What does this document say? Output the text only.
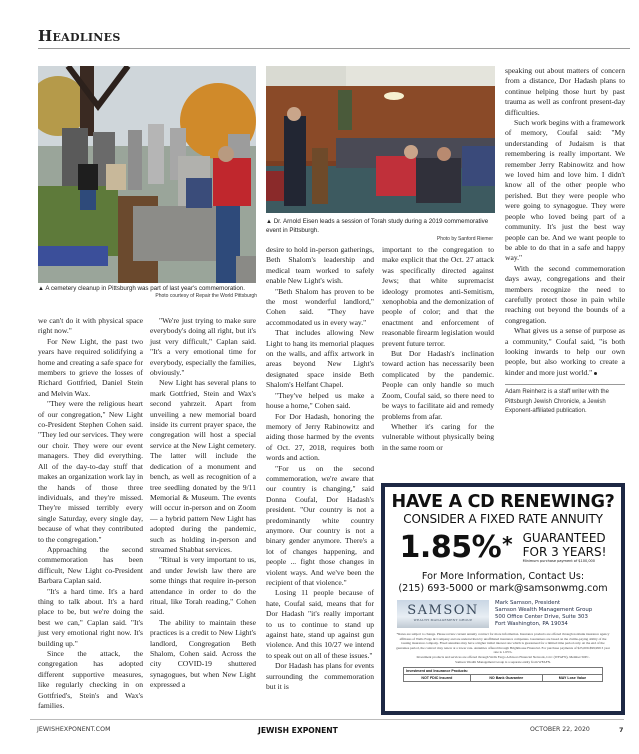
Headlines
▲ A cemetery cleanup in Pittsburgh was part of last year's commemoration.
Photo courtesy of Repair the World Pittsburgh
▲ Dr. Arnold Eisen leads a session of Torah study during a 2019 commemorative event in Pittsburgh.
Photo by Sanford Riemer

we can't do it with physical space right now."

For New Light, the past two years have required solidifying a home and creating a safe space for members to grieve the losses of Richard Gottfried, Daniel Stein and Melvin Wax.

"They were the religious heart of our congregation," New Light co-President Stephen Cohen said. "They led our services. They were our choir. They were our event managers. They did everything. All of the day-to-day stuff that makes an organization work lay in the hands of those three individuals, and they're missed. They're missed terribly every single Saturday, every single day, because of what they contributed to the congregation."

Approaching the second commemoration has been difficult, New Light co-President Barbara Caplan said.

"It's a hard time. It's a hard thing to talk about. It's a hard place to be, but we're doing the best we can," Caplan said. "It's just very emotional right now. It's building up."

Since the attack, the congregation has adopted different supportive measures, like regularly checking in on Gottfried's, Stein's and Wax's families.

"We're just trying to make sure everybody's doing all right, but it's just very difficult," Caplan said. "It's a very emotional time for everybody, especially the families, obviously."

New Light has several plans to mark Gottfried, Stein and Wax's second yahrzeit. Apart from unveiling a new memorial board inside its current prayer space, the congregation will host a special service at the New Light cemetery. The latter will include the dedication of a monument and bench, as well as recognition of a tree seedling donated by the 9/11 Memorial & Museum. The events will occur in-person and on Zoom — a hybrid pattern New Light has adopted during the pandemic, such as holding in-person and streamed Shabbat services.

"Ritual is very important to us, and under Jewish law there are some things that require in-person attendance in order to do the ritual, like Torah reading," Cohen said.

The ability to maintain these practices is a credit to New Light's landlord, Congregation Beth Shalom, Cohen said. Across the city COVID-19 shuttered synagogues, but when New Light expressed a

desire to hold in-person gatherings, Beth Shalom's leadership and medical team worked to safely enable New Light's wish.

"Beth Shalom has proven to be the most wonderful landlord," Cohen said. "They have accommodated us in every way."

That includes allowing New Light to hang its memorial plaques on the walls, and affix artwork in areas beyond New Light's designated space inside Beth Shalom's Helfant Chapel.

"They've helped us make a house a home," Cohen said.

For Dor Hadash, honoring the memory of Jerry Rabinowitz and aiding those harmed by the events of Oct. 27, 2018, requires both words and action.

"For us on the second commemoration, we're aware that our country is changing," said Donna Coufal, Dor Hadash's president. "Our country is not a predominantly white country anymore. Our country is not a binary gender anymore. There's a lot of changes happening, and people ... fight those changes in violent ways. And we've been the recipient of that violence."

Losing 11 people because of hate, Coufal said, means that for Dor Hadash "it's really important to us to continue to stand up against hate, stand up against gun violence. And this 10/27 we intend to speak out on all of these issues."

Dor Hadash has plans for events surrounding the commemoration but it is

important to the congregation to make explicit that the Oct. 27 attack was specifically directed against Jews; that white supremacist ideology promotes anti-Semitism, xenophobia and the demonization of people of color; and that the enactment and enforcement of reasonable firearm legislation would prevent future terror.

But Dor Hadash's inclination toward action has necessarily been complicated by the pandemic. People can only handle so much Zoom, Coufal said, so there need to be ways to facilitate aid and remedy problems from afar.

Whether it's caring for the vulnerable without physically being in the same room or

speaking out about matters of concern from a distance, Dor Hadash plans to continue helping those hurt by past trauma as well as confront present-day difficulties.

Such work begins with a framework of memory, Coufal said: "My understanding of Judaism is that remembering is really important. We remember Jerry Rabinowitz and how we loved him and love him. I didn't know all of the other people who perished. But they were people who were going to synagogue. They were people who loved being part of a community. It's just the best way people can be. And we want people to be able to do that in a safe and happy way."

With the second commemoration days away, congregations and their members recognize the need to carefully protect those in pain while reaching out beyond the bounds of a congregation.

What gives us a sense of purpose as a community," Coufal said, "is both looking inwards to help our own people, but also working to create a kinder and more just world."

Adam Reinherz is a staff writer with the Pittsburgh Jewish Chronicle, a Jewish Exponent-affiliated publication.
HAVE A CD RENEWING?
CONSIDER A FIXED RATE ANNUITY
1.85% * GUARANTEED
FOR 3 YEARS!
Minimum purchase payment of $100,000
For More Information, Contact Us:
(215) 693-5000 or mark@samsonwmg.com
SAMSON
WEALTH MANAGEMENT GROUP
Mark Samson, President
Samson Wealth Management Group
500 Office Center Drive, Suite 303
Fort Washington, PA 19034
*Rates are subject to change. Please review current annuity contract for more information. Insurance products are offered through nonbank insurance agency affiliates of Wells Fargo & Company and are underwritten by unaffiliated insurance companies. Guarantees are based on the claims-paying ability of the issuing insurance company. Fixed annuities may have a higher initial interest rate which is guaranteed for a limited time period only. At the end of the guarantee period, the contract may renew at a lower rate. Annuities offered through Brighthouse Financial. For purchase payments of $25,000-$99,999 3 year rate is 1.65%.
Investment products and services are offered through Wells Fargo Advisors Financial Network, LLC (WFAFN), Member SIPC.
Samson Wealth Management Group is a separate entity from WFAFN.
Investment and Insurance Products:
NOT FDIC Insured	NO Bank Guarantee	MAY Lose Value
JEWISHEXPONENT.COM	JEWISH EXPONENT	OCTOBER 22, 2020	7
